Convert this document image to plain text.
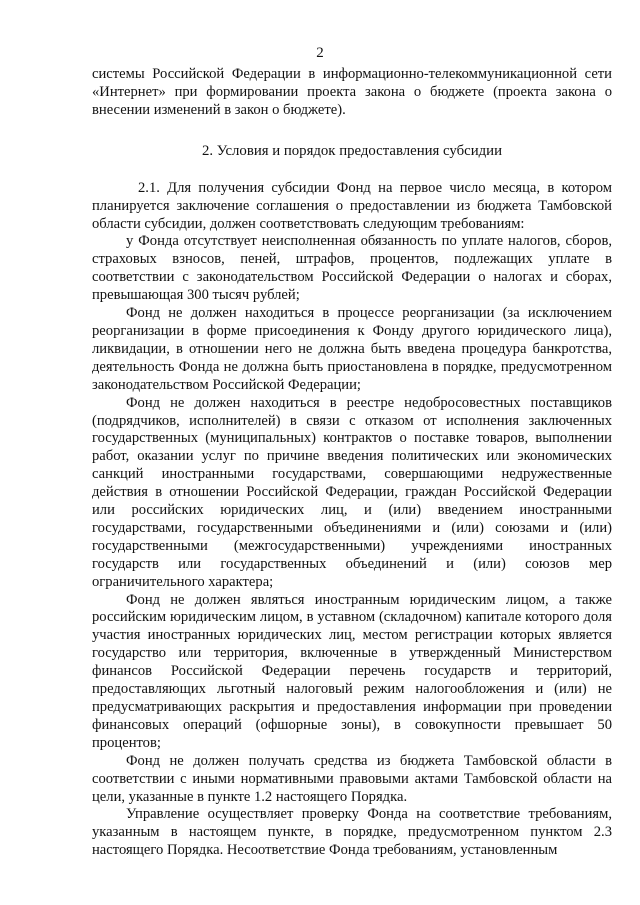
2

системы Российской Федерации в информационно-телекоммуникационной сети «Интернет» при формировании проекта закона о бюджете (проекта закона о внесении изменений в закон о бюджете).

2. Условия и порядок предоставления субсидии

2.1. Для получения субсидии Фонд на первое число месяца, в котором планируется заключение соглашения о предоставлении из бюджета Тамбовской области субсидии, должен соответствовать следующим требованиям:

у Фонда отсутствует неисполненная обязанность по уплате налогов, сборов, страховых взносов, пеней, штрафов, процентов, подлежащих уплате в соответствии с законодательством Российской Федерации о налогах и сборах, превышающая 300 тысяч рублей;

Фонд не должен находиться в процессе реорганизации (за исключением реорганизации в форме присоединения к Фонду другого юридического лица), ликвидации, в отношении него не должна быть введена процедура банкротства, деятельность Фонда не должна быть приостановлена в порядке, предусмотренном законодательством Российской Федерации;

Фонд не должен находиться в реестре недобросовестных поставщиков (подрядчиков, исполнителей) в связи с отказом от исполнения заключенных государственных (муниципальных) контрактов о поставке товаров, выполнении работ, оказании услуг по причине введения политических или экономических санкций иностранными государствами, совершающими недружественные действия в отношении Российской Федерации, граждан Российской Федерации или российских юридических лиц, и (или) введением иностранными государствами, государственными объединениями и (или) союзами и (или) государственными (межгосударственными) учреждениями иностранных государств или государственных объединений и (или) союзов мер ограничительного характера;

Фонд не должен являться иностранным юридическим лицом, а также российским юридическим лицом, в уставном (складочном) капитале которого доля участия иностранных юридических лиц, местом регистрации которых является государство или территория, включенные в утвержденный Министерством финансов Российской Федерации перечень государств и территорий, предоставляющих льготный налоговый режим налогообложения и (или) не предусматривающих раскрытия и предоставления информации при проведении финансовых операций (офшорные зоны), в совокупности превышает 50 процентов;

Фонд не должен получать средства из бюджета Тамбовской области в соответствии с иными нормативными правовыми актами Тамбовской области на цели, указанные в пункте 1.2 настоящего Порядка.

Управление осуществляет проверку Фонда на соответствие требованиям, указанным в настоящем пункте, в порядке, предусмотренном пунктом 2.3 настоящего Порядка. Несоответствие Фонда требованиям, установленным
